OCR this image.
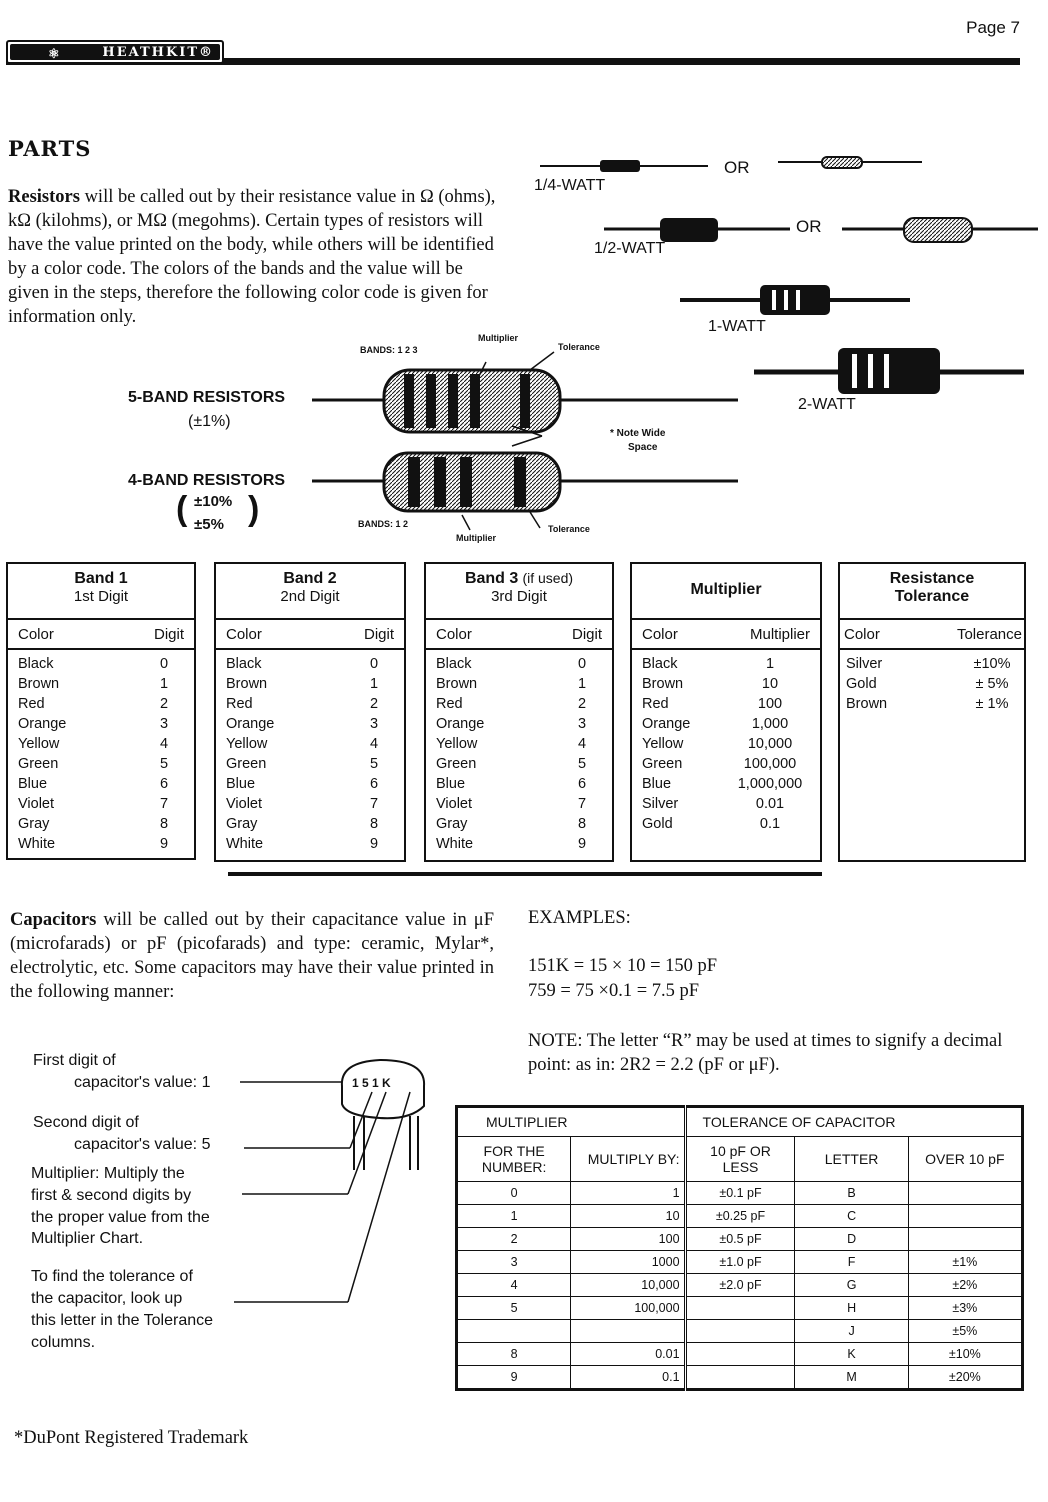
Page 7
⚛	HEATHKIT®
PARTS
Resistors will be called out by their resistance value in Ω (ohms), kΩ (kilohms), or MΩ (megohms). Certain types of resistors will have the value printed on the body, while others will be identified by a color code. The colors of the bands and the value will be given in the steps, therefore the following color code is given for information only.
1/4-WATT
OR
1/2-WATT
OR
1-WATT
2-WATT
BANDS: 1 2 3
Multiplier
Tolerance
5-BAND RESISTORS
(±1%)
4-BAND RESISTORS
( ±10%
±5% )
* Note Wide
Space
BANDS: 1 2
Multiplier
Tolerance
Band 1
1st Digit
Color	Digit
Black	0
Brown	1
Red	2
Orange	3
Yellow	4
Green	5
Blue	6
Violet	7
Gray	8
White	9
Band 2
2nd Digit
Color	Digit
Black	0
Brown	1
Red	2
Orange	3
Yellow	4
Green	5
Blue	6
Violet	7
Gray	8
White	9
Band 3 (if used)
3rd Digit
Color	Digit
Black	0
Brown	1
Red	2
Orange	3
Yellow	4
Green	5
Blue	6
Violet	7
Gray	8
White	9
Multiplier
Color	Multiplier
Black	1
Brown	10
Red	100
Orange	1,000
Yellow	10,000
Green	100,000
Blue	1,000,000
Silver	0.01
Gold	0.1
Resistance
Tolerance
Color	Tolerance
Silver	±10%
Gold	± 5%
Brown	± 1%
Capacitors will be called out by their capacitance value in μF (microfarads) or pF (picofarads) and type: ceramic, Mylar*, electrolytic, etc. Some capacitors may have their value printed in the following manner:
EXAMPLES:
151K = 15 × 10 = 150 pF
759 = 75 ×0.1 = 7.5 pF
NOTE: The letter “R” may be used at times to signify a decimal point: as in: 2R2 = 2.2 (pF or μF).
1 5 1 K
First digit of
capacitor's value: 1
Second digit of
capacitor's value: 5
Multiplier: Multiply the
first & second digits by
the proper value from the
Multiplier Chart.
To find the tolerance of
the capacitor, look up
this letter in the Tolerance
columns.
MULTIPLIER		TOLERANCE OF CAPACITOR		
FOR THE NUMBER:	MULTIPLY BY:	10 pF OR LESS	LETTER	OVER 10 pF
0	1	±0.1 pF	B	
1	10	±0.25 pF	C	
2	100	±0.5 pF	D	
3	1000	±1.0 pF	F	±1%
4	10,000	±2.0 pF	G	±2%
5	100,000		H	±3%
			J	±5%
8	0.01		K	±10%
9	0.1		M	±20%
*DuPont Registered Trademark
